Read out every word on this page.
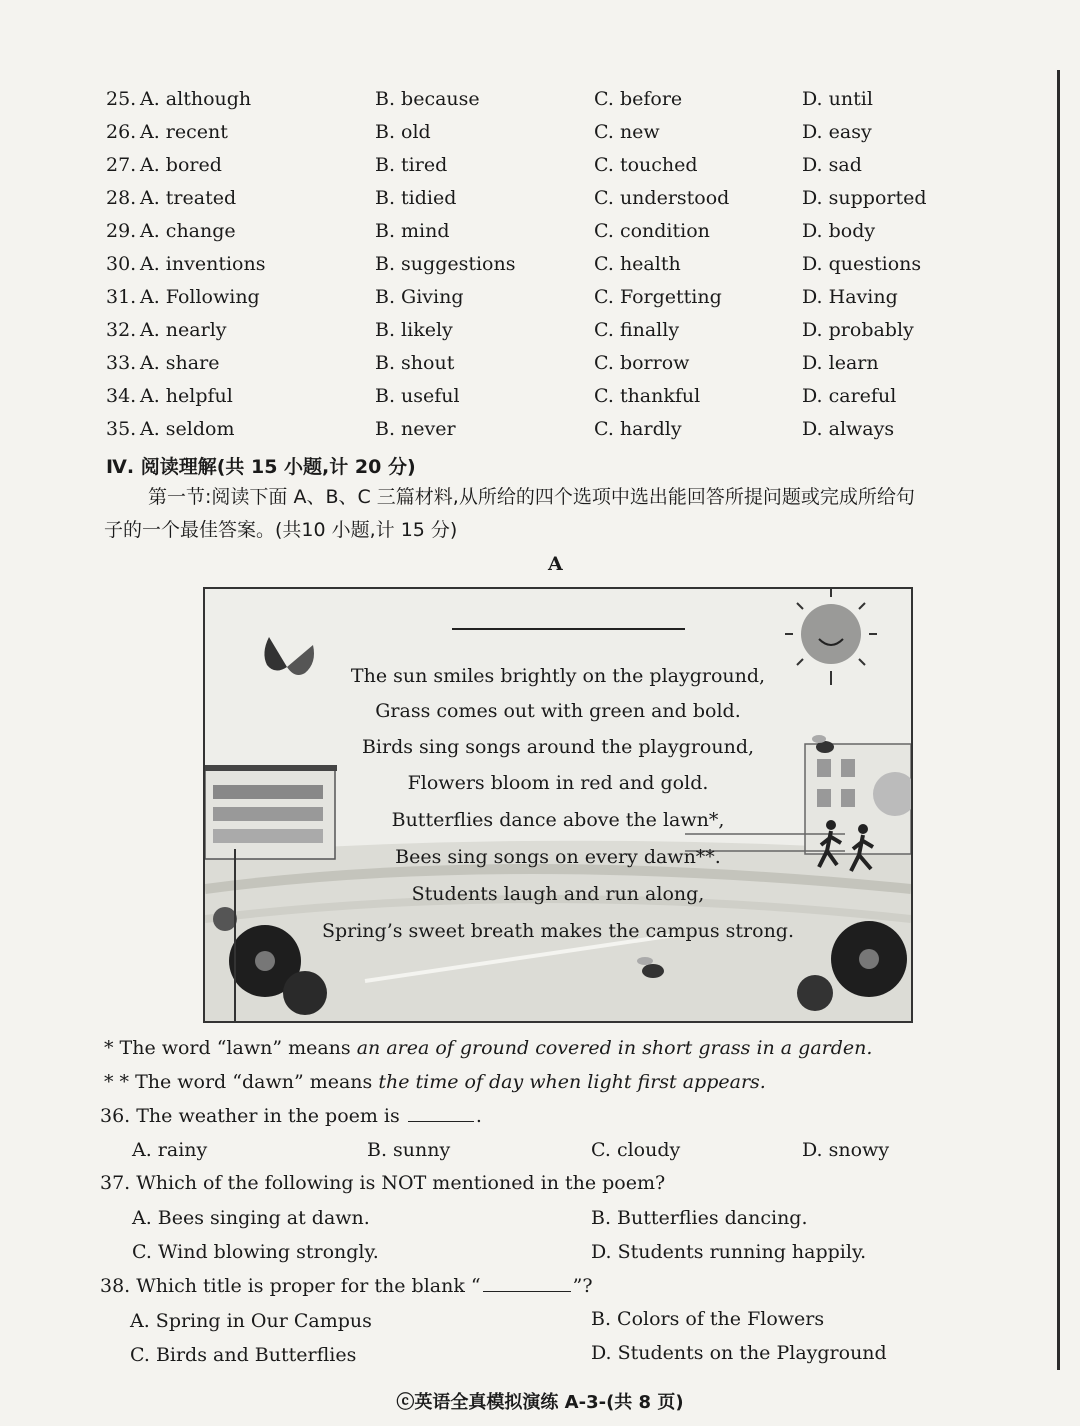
25. A. although	B. because	C. before	D. until
26. A. recent	B. old	C. new	D. easy
27. A. bored	B. tired	C. touched	D. sad
28. A. treated	B. tidied	C. understood	D. supported
29. A. change	B. mind	C. condition	D. body
30. A. inventions	B. suggestions	C. health	D. questions
31. A. Following	B. Giving	C. Forgetting	D. Having
32. A. nearly	B. likely	C. finally	D. probably
33. A. share	B. shout	C. borrow	D. learn
34. A. helpful	B. useful	C. thankful	D. careful
35. A. seldom	B. never	C. hardly	D. always
Ⅳ. 阅读理解(共 15 小题,计 20 分)
第一节:阅读下面 A、B、C 三篇材料,从所给的四个选项中选出能回答所提问题或完成所给句
子的一个最佳答案。(共10 小题,计 15 分)
A
The sun smiles brightly on the playground,
Grass comes out with green and bold.
Birds sing songs around the playground,
Flowers bloom in red and gold.
Butterflies dance above the lawn*,
Bees sing songs on every dawn**.
Students laugh and run along,
Spring’s sweet breath makes the campus strong.
* The word “lawn” means an area of ground covered in short grass in a garden.
* * The word “dawn” means the time of day when light first appears.
36. The weather in the poem is	.
A. rainy	B. sunny	C. cloudy	D. snowy
37. Which of the following is NOT mentioned in the poem?
A. Bees singing at dawn.	B. Butterflies dancing.
C. Wind blowing strongly.	D. Students running happily.
38. Which title is proper for the blank “	”?
A. Spring in Our Campus	B. Colors of the Flowers
C. Birds and Butterflies	D. Students on the Playground
ⓒ英语全真模拟演练 A-3-(共 8 页)
